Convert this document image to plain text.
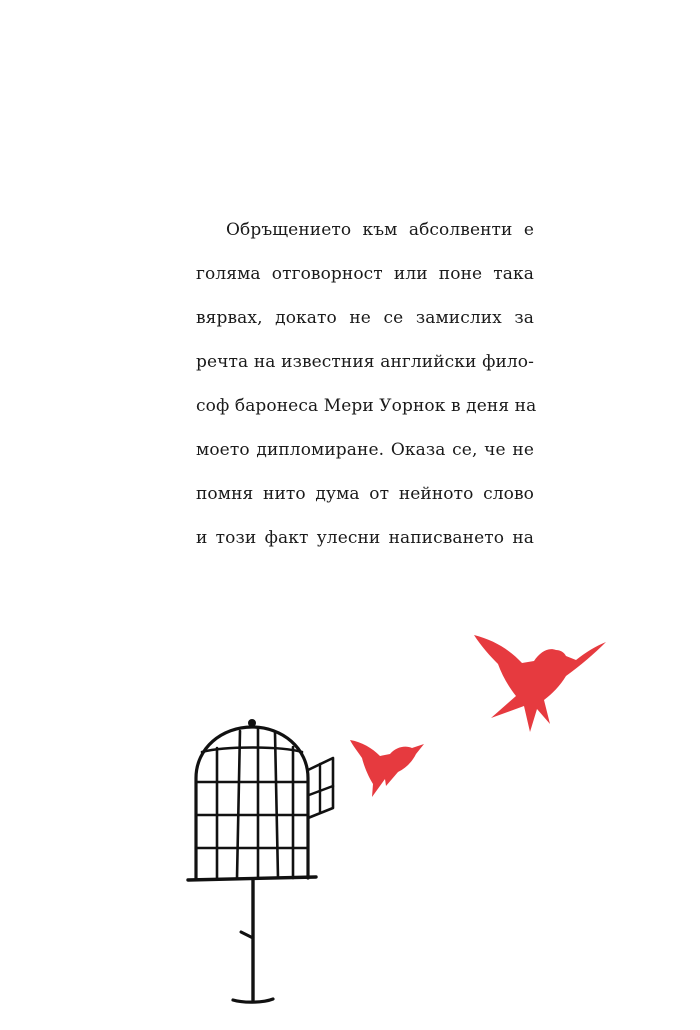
Обръщението към абсолвенти е
голяма отговорност или поне така
вярвах, докато не се замислих за
речта на известния английски фило-
соф баронеса Мери Уорнок в деня на
моето дипломиране. Оказа се, че не
помня нито дума от нейното слово
и този факт улесни написването на
